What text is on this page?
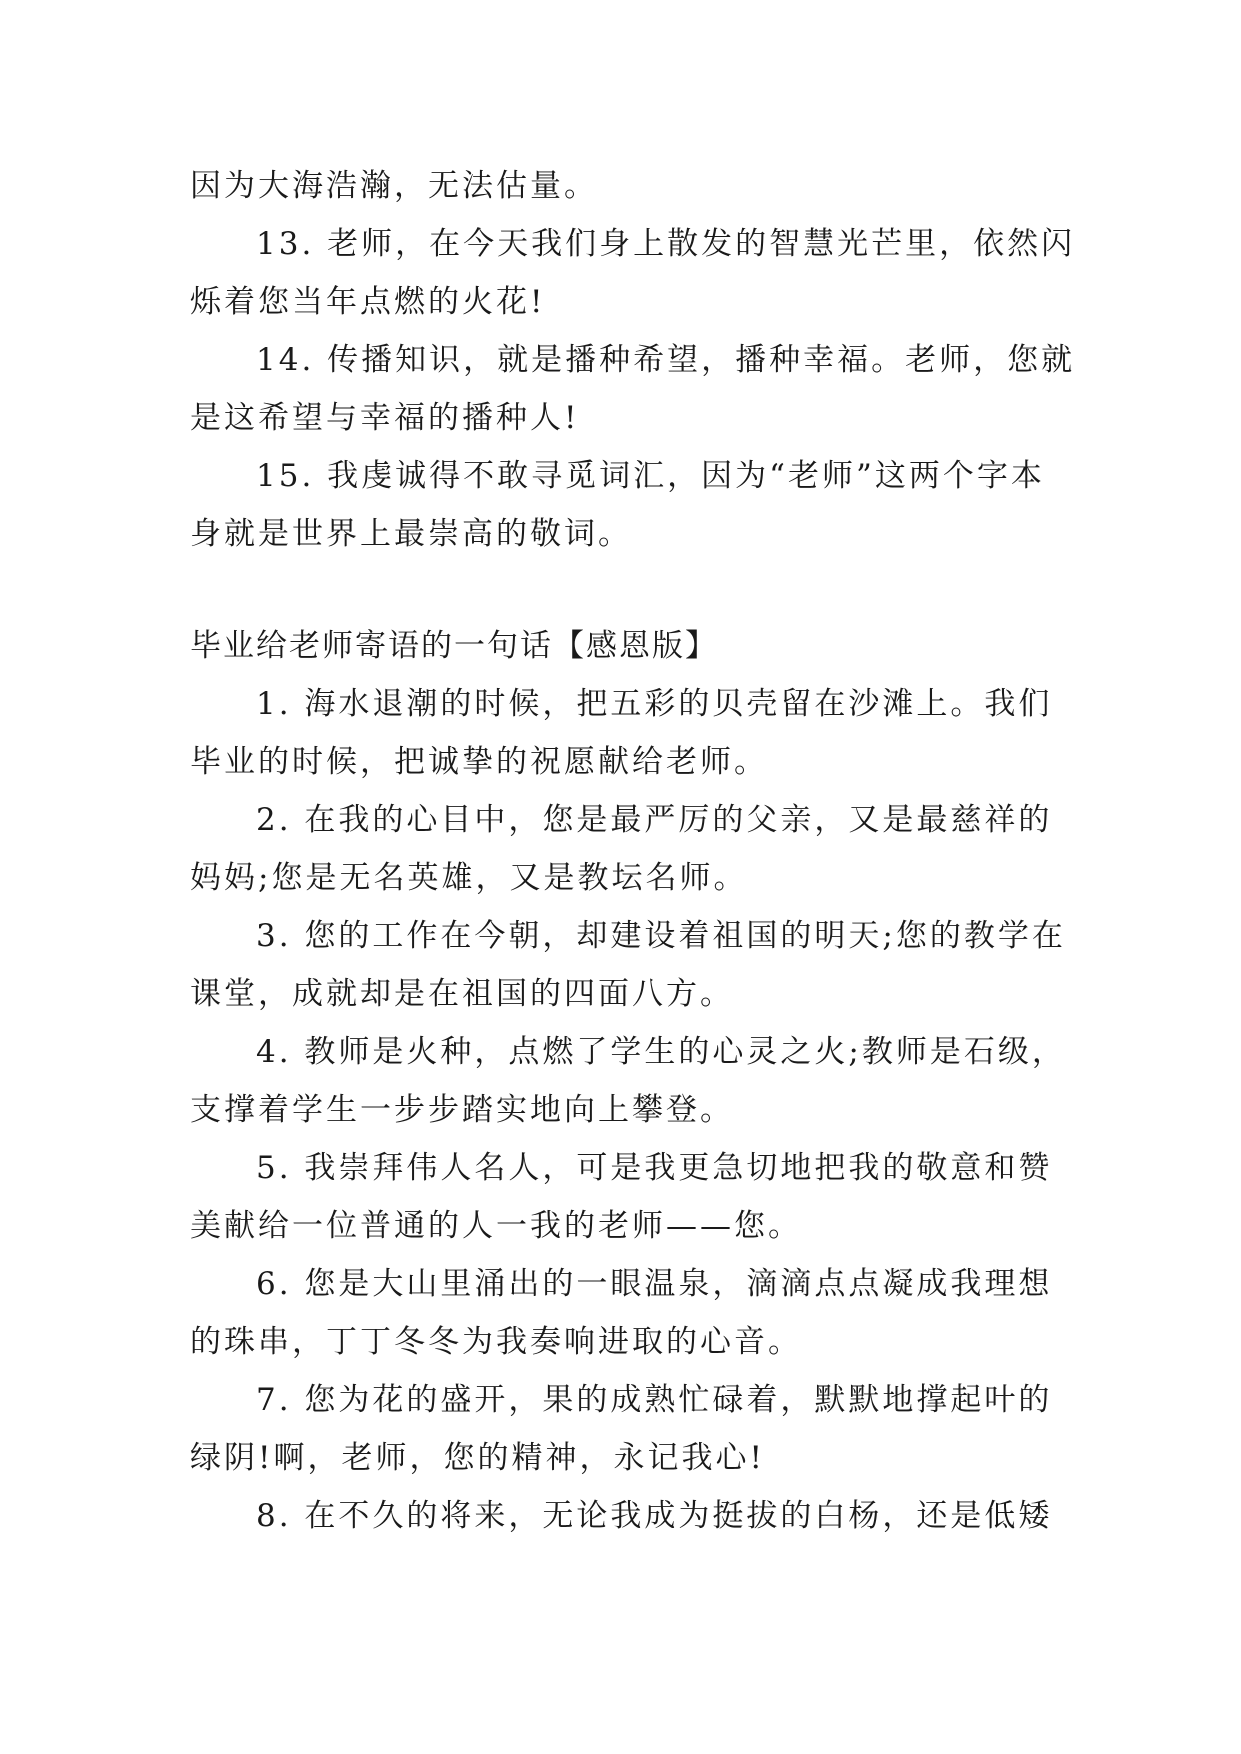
因为大海浩瀚，无法估量。
13. 老师，在今天我们身上散发的智慧光芒里，依然闪
烁着您当年点燃的火花!
14. 传播知识，就是播种希望，播种幸福。老师，您就
是这希望与幸福的播种人!
15. 我虔诚得不敢寻觅词汇，因为“老师”这两个字本
身就是世界上最崇高的敬词。
毕业给老师寄语的一句话【感恩版】
1. 海水退潮的时候，把五彩的贝壳留在沙滩上。我们
毕业的时候，把诚挚的祝愿献给老师。
2. 在我的心目中，您是最严厉的父亲，又是最慈祥的
妈妈;您是无名英雄，又是教坛名师。
3. 您的工作在今朝，却建设着祖国的明天;您的教学在
课堂，成就却是在祖国的四面八方。
4. 教师是火种，点燃了学生的心灵之火;教师是石级，
支撑着学生一步步踏实地向上攀登。
5. 我崇拜伟人名人，可是我更急切地把我的敬意和赞
美献给一位普通的人一我的老师——您。
6. 您是大山里涌出的一眼温泉，滴滴点点凝成我理想
的珠串，丁丁冬冬为我奏响进取的心音。
7. 您为花的盛开，果的成熟忙碌着，默默地撑起叶的
绿阴!啊，老师，您的精神，永记我心!
8. 在不久的将来，无论我成为挺拔的白杨，还是低矮
